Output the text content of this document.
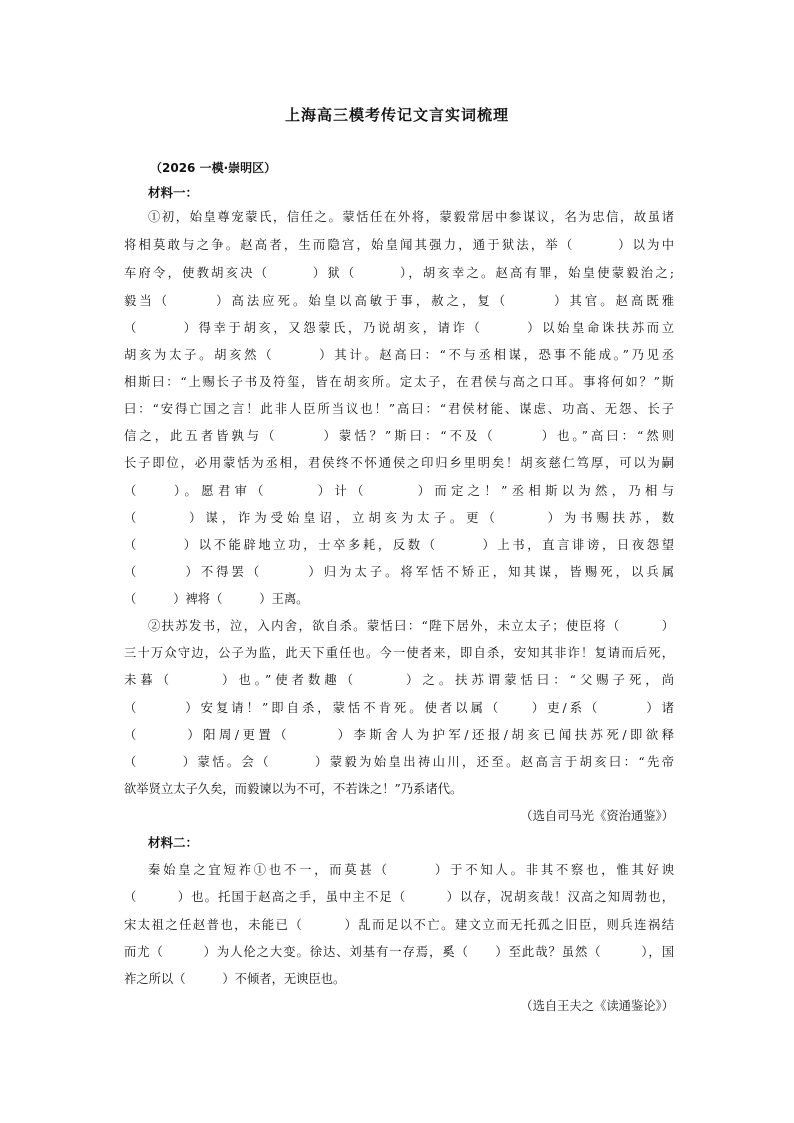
上海高三模考传记文言实词梳理
（2026 一模·崇明区）
材料一：
①初，始皇尊宠蒙氏，信任之。蒙恬任在外将，蒙毅常居中参谋议，名为忠信，故虽诸
将相莫敢与之争。赵高者，生而隐宫，始皇闻其强力，通于狱法，举（　　　）以为中
车府令，使教胡亥决（　　　）狱（　　　），胡亥幸之。赵高有罪，始皇使蒙毅治之;
毅当（　　　）高法应死。始皇以高敏于事，赦之，复（　　　）其官。赵高既雅
（　　　）得幸于胡亥，又怨蒙氏，乃说胡亥，请诈（　　　）以始皇命诛扶苏而立
胡亥为太子。胡亥然（　　　）其计。赵高曰：“不与丞相谋，恐事不能成。”乃见丞
相斯曰：“上赐长子书及符玺，皆在胡亥所。定太子，在君侯与高之口耳。事将何如？”斯
曰：“安得亡国之言！此非人臣所当议也！”高曰：“君侯材能、谋虑、功高、无怨、长子
信之，此五者皆孰与（　　　）蒙恬？”斯曰：“不及（　　　）也。”高曰：“然则
长子即位，必用蒙恬为丞相，君侯终不怀通侯之印归乡里明矣！胡亥慈仁笃厚，可以为嗣
（　　）。愿君审（　　　）计（　　　）而定之！”丞相斯以为然，乃相与
（　　　）谋，诈为受始皇诏，立胡亥为太子。更（　　　）为书赐扶苏，数
（　　　）以不能辟地立功，士卒多耗，反数（　　　）上书，直言诽谤，日夜怨望
（　　　）不得罢（　　　）归为太子。将军恬不矫正，知其谋，皆赐死，以兵属
（　　　）裨将（　　　）王离。
②扶苏发书，泣，入内舍，欲自杀。蒙恬曰：“陛下居外，未立太子；使臣将（　　　）
三十万众守边，公子为监，此天下重任也。今一使者来，即自杀，安知其非诈！复请而后死，
未暮（　　　）也。”使者数趣（　　　）之。扶苏谓蒙恬曰：“父赐子死，尚
（　　　）安复请！”即自杀，蒙恬不肯死。使者以属（　　）吏/系（　　　）诸
（　　　）阳周/更置（　　　）李斯舍人为护军/还报/胡亥已闻扶苏死/即欲释
（　　　）蒙恬。会（　　　）蒙毅为始皇出祷山川，还至。赵高言于胡亥曰：“先帝
欲举贤立太子久矣，而毅谏以为不可，不若诛之！”乃系诸代。
（选自司马光《资治通鉴》）
材料二：
秦始皇之宜短祚①也不一，而莫甚（　　　）于不知人。非其不察也，惟其好谀
（　　　）也。托国于赵高之手，虽中主不足（　　　）以存，况胡亥哉！汉高之知周勃也，
宋太祖之任赵普也，未能已（　　　）乱而足以不亡。建文立而无托孤之旧臣，则兵连祸结
而尤（　　　）为人伦之大变。徐达、刘基有一存焉，奚（　　）至此哉？虽然（　　　），国
祚之所以（　　　）不倾者，无谀臣也。
（选自王夫之《读通鉴论》）
